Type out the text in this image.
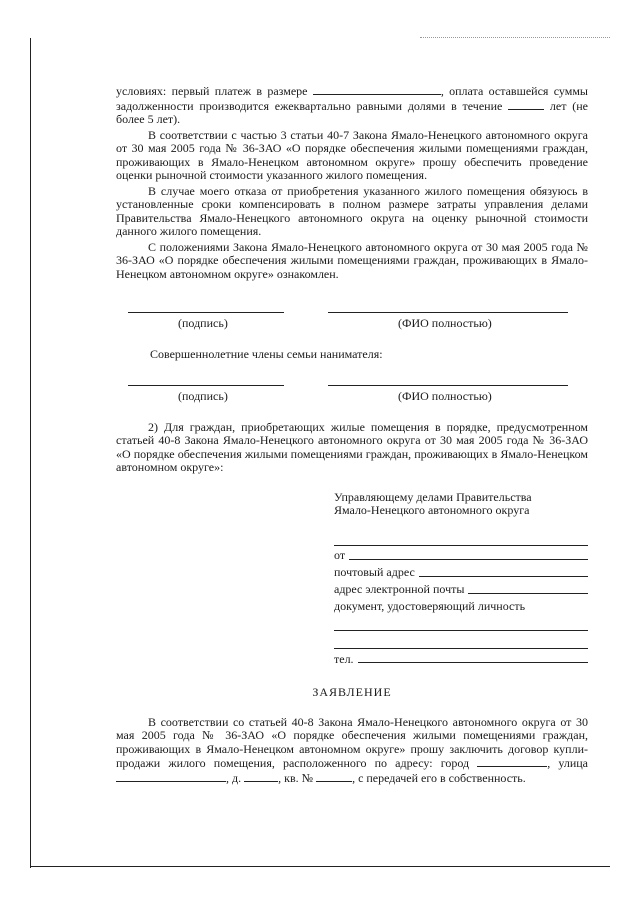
условиях: первый платеж в размере	, оплата оставшейся суммы задолженности производится ежеквартально равными долями в течение	лет (не более 5 лет).

В соответствии с частью 3 статьи 40-7 Закона Ямало-Ненецкого автономного округа от 30 мая 2005 года № 36-ЗАО «О порядке обеспечения жилыми помещениями граждан, проживающих в Ямало-Ненецком автономном округе» прошу обеспечить проведение оценки рыночной стоимости указанного жилого помещения.

В случае моего отказа от приобретения указанного жилого помещения обязуюсь в установленные сроки компенсировать в полном размере затраты управления делами Правительства Ямало-Ненецкого автономного округа на оценку рыночной стоимости данного жилого помещения.

С положениями Закона Ямало-Ненецкого автономного округа от 30 мая 2005 года № 36-ЗАО «О порядке обеспечения жилыми помещениями граждан, проживающих в Ямало-Ненецком автономном округе» ознакомлен.

(подпись)	(ФИО полностью)

Совершеннолетние члены семьи нанимателя:

(подпись)	(ФИО полностью)

2) Для граждан, приобретающих жилые помещения в порядке, предусмотренном статьей 40-8 Закона Ямало-Ненецкого автономного округа от 30 мая 2005 года № 36-ЗАО «О порядке обеспечения жилыми помещениями граждан, проживающих в Ямало-Ненецком автономном округе»:

Управляющему делами Правительства
Ямало-Ненецкого автономного округа
от
почтовый адрес
адрес электронной почты
документ, удостоверяющий личность
тел.
ЗАЯВЛЕНИЕ

В соответствии со статьей 40-8 Закона Ямало-Ненецкого автономного округа от 30 мая 2005 года № 36-ЗАО «О порядке обеспечения жилыми помещениями граждан, проживающих в Ямало-Ненецком автономном округе» прошу заключить договор купли-продажи жилого помещения, расположенного по адресу: город	, улица , д.	, кв. №	, с передачей его в собственность.
